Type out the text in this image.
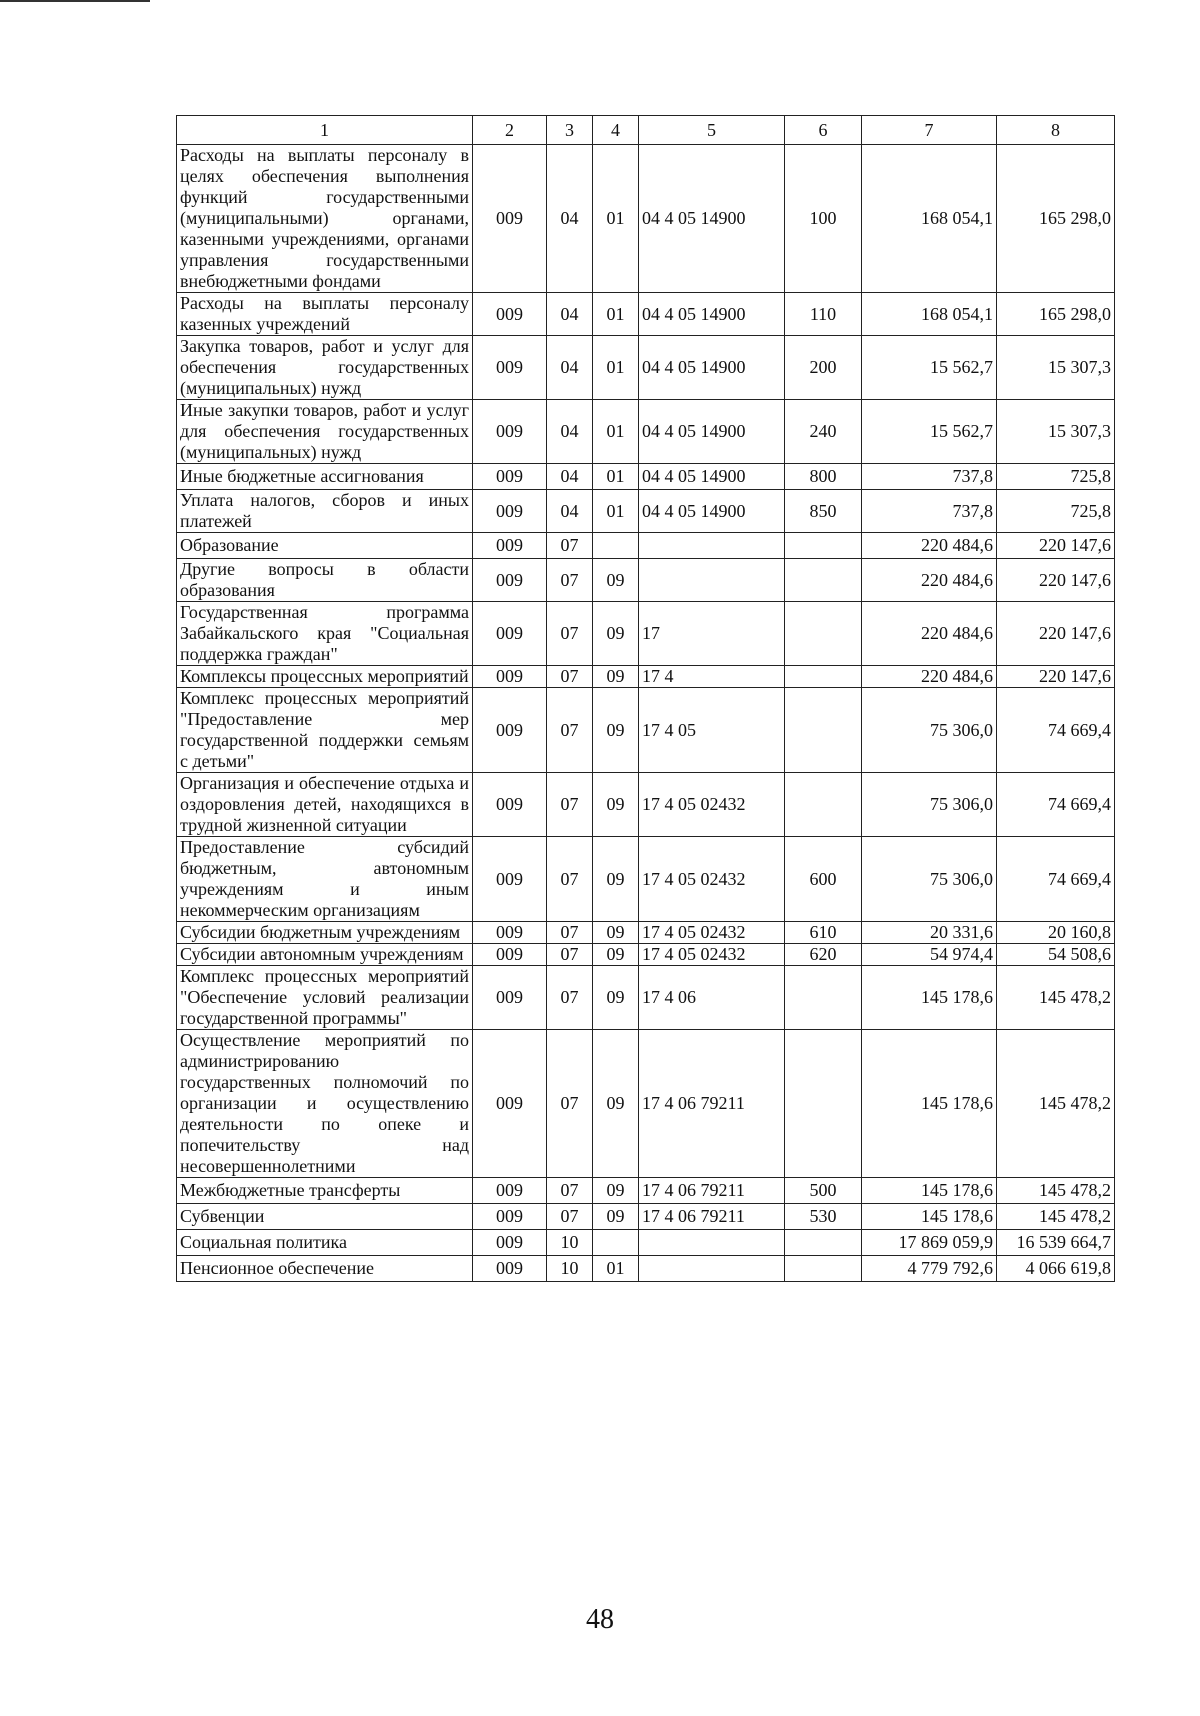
1	2	3	4	5	6	7	8
Расходы на выплаты персоналу в целях обеспечения выполнения функций государственными (муниципальными) органами, казенными учреждениями, органами управления государственными внебюджетными фондами	009	04	01	04 4 05 14900	100	168 054,1	165 298,0
Расходы на выплаты персоналу казенных учреждений	009	04	01	04 4 05 14900	110	168 054,1	165 298,0
Закупка товаров, работ и услуг для обеспечения государственных (муниципальных) нужд	009	04	01	04 4 05 14900	200	15 562,7	15 307,3
Иные закупки товаров, работ и услуг для обеспечения государственных (муниципальных) нужд	009	04	01	04 4 05 14900	240	15 562,7	15 307,3
Иные бюджетные ассигнования	009	04	01	04 4 05 14900	800	737,8	725,8
Уплата налогов, сборов и иных платежей	009	04	01	04 4 05 14900	850	737,8	725,8
Образование	009	07				220 484,6	220 147,6
Другие вопросы в области образования	009	07	09			220 484,6	220 147,6
Государственная программа Забайкальского края "Социальная поддержка граждан"	009	07	09	17		220 484,6	220 147,6
Комплексы процессных мероприятий	009	07	09	17 4		220 484,6	220 147,6
Комплекс процессных мероприятий "Предоставление мер государственной поддержки семьям с детьми"	009	07	09	17 4 05		75 306,0	74 669,4
Организация и обеспечение отдыха и оздоровления детей, находящихся в трудной жизненной ситуации	009	07	09	17 4 05 02432		75 306,0	74 669,4
Предоставление субсидий бюджетным, автономным учреждениям и иным некоммерческим организациям	009	07	09	17 4 05 02432	600	75 306,0	74 669,4
Субсидии бюджетным учреждениям	009	07	09	17 4 05 02432	610	20 331,6	20 160,8
Субсидии автономным учреждениям	009	07	09	17 4 05 02432	620	54 974,4	54 508,6
Комплекс процессных мероприятий "Обеспечение условий реализации государственной программы"	009	07	09	17 4 06		145 178,6	145 478,2
Осуществление мероприятий по администрированию государственных полномочий по организации и осуществлению деятельности по опеке и попечительству над несовершеннолетними	009	07	09	17 4 06 79211		145 178,6	145 478,2
Межбюджетные трансферты	009	07	09	17 4 06 79211	500	145 178,6	145 478,2
Субвенции	009	07	09	17 4 06 79211	530	145 178,6	145 478,2
Социальная политика	009	10				17 869 059,9	16 539 664,7
Пенсионное обеспечение	009	10	01			4 779 792,6	4 066 619,8
48
